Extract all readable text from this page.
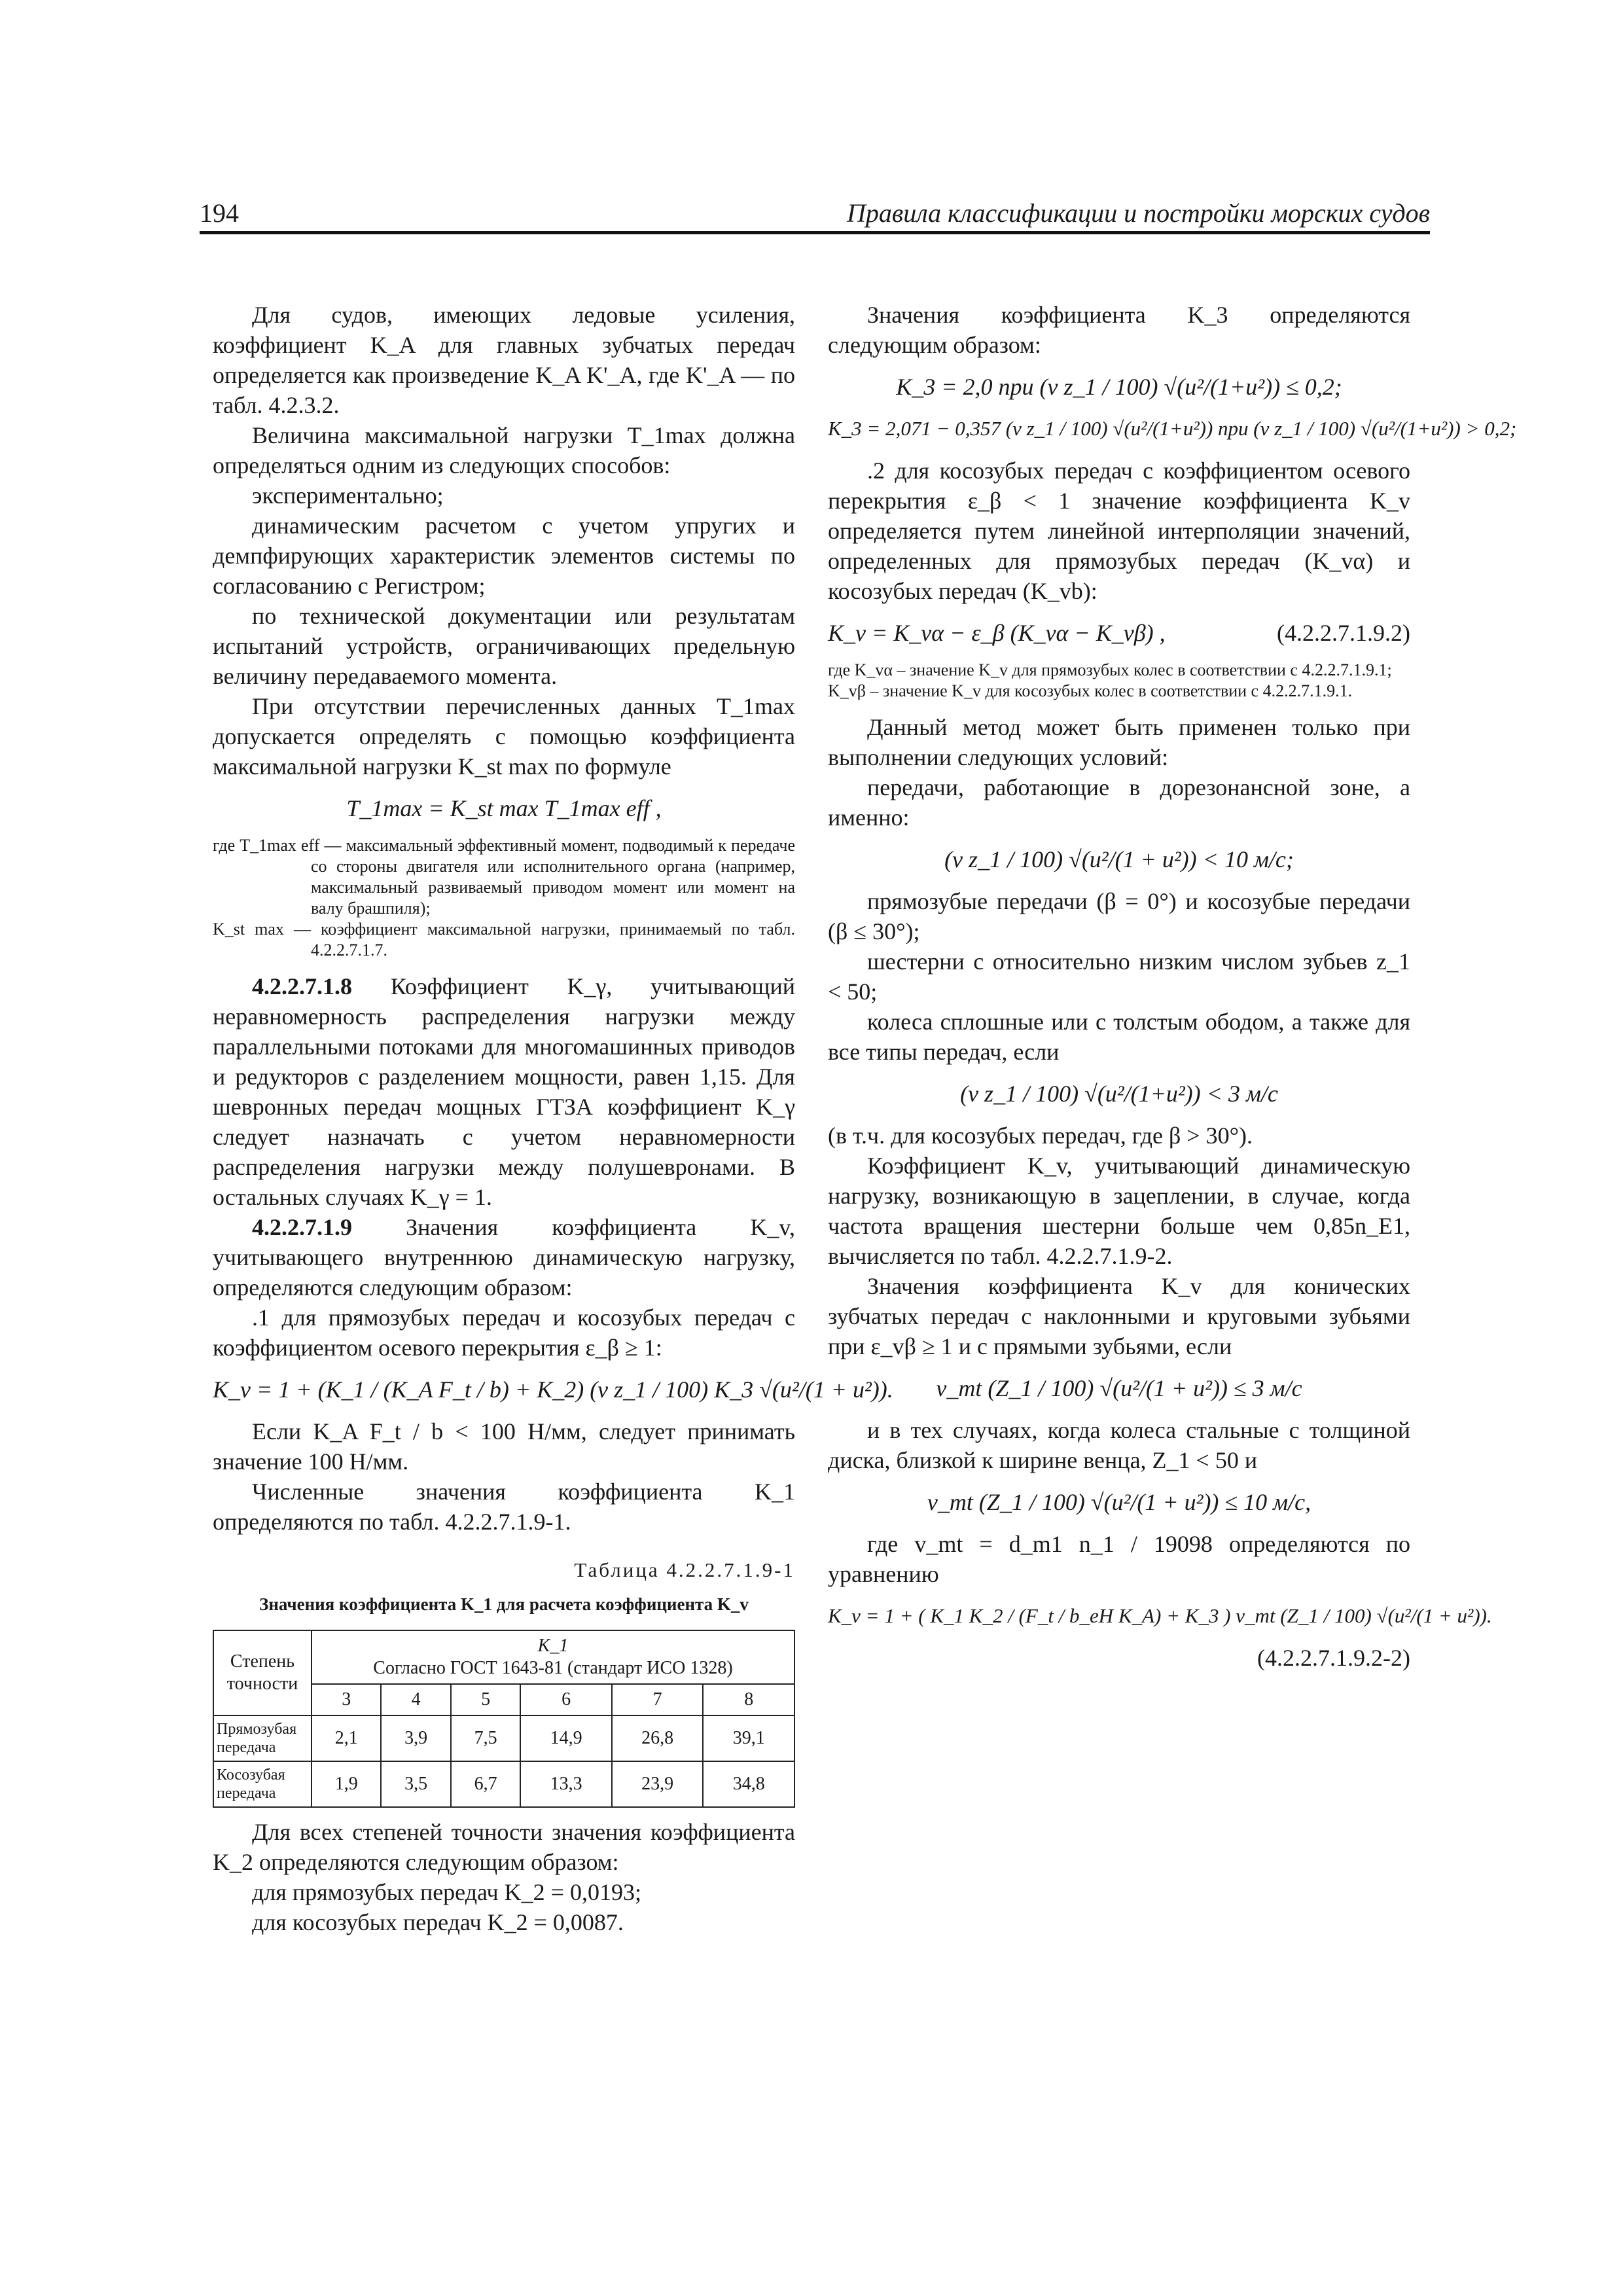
194	Правила классификации и постройки морских судов

Для судов, имеющих ледовые усиления, коэффициент K_A для главных зубчатых передач определяется как произведение K_A K'_A, где K'_A — по табл. 4.2.3.2.

Величина максимальной нагрузки T_1max должна определяться одним из следующих способов:

экспериментально;

динамическим расчетом с учетом упругих и демпфирующих характеристик элементов системы по согласованию с Регистром;

по технической документации или результатам испытаний устройств, ограничивающих предельную величину передаваемого момента.

При отсутствии перечисленных данных T_1max допускается определять с помощью коэффициента максимальной нагрузки K_st max по формуле

T_1max = K_st max T_1max eff ,
где T_1max eff — максимальный эффективный момент, подводимый к передаче со стороны двигателя или исполнительного органа (например, максимальный развиваемый приводом момент или момент на валу брашпиля);
K_st max — коэффициент максимальной нагрузки, принимаемый по табл. 4.2.2.7.1.7.

4.2.2.7.1.8 Коэффициент K_γ, учитывающий неравномерность распределения нагрузки между параллельными потоками для многомашинных приводов и редукторов с разделением мощности, равен 1,15. Для шевронных передач мощных ГТЗА коэффициент K_γ следует назначать с учетом неравномерности распределения нагрузки между полушевронами. В остальных случаях K_γ = 1.

4.2.2.7.1.9 Значения коэффициента K_v, учитывающего внутреннюю динамическую нагрузку, определяются следующим образом:

.1 для прямозубых передач и косозубых передач с коэффициентом осевого перекрытия ε_β ≥ 1:

K_v = 1 + (K_1 / (K_A F_t / b) + K_2) (v z_1 / 100) K_3 √(u²/(1 + u²)).

Если K_A F_t / b < 100 Н/мм, следует принимать значение 100 Н/мм.

Численные значения коэффициента K_1 определяются по табл. 4.2.2.7.1.9-1.

Таблица 4.2.2.7.1.9-1
Значения коэффициента K_1 для расчета коэффициента K_v
Степень точности	K_1
Согласно ГОСТ 1643-81 (стандарт ИСО 1328)					

	3	4	5	6	7	8
Прямозубая передача	2,1	3,9	7,5	14,9	26,8	39,1
Косозубая передача	1,9	3,5	6,7	13,3	23,9	34,8

Для всех степеней точности значения коэффициента K_2 определяются следующим образом:

для прямозубых передач K_2 = 0,0193;

для косозубых передач K_2 = 0,0087.

Значения коэффициента K_3 определяются следующим образом:

K_3 = 2,0 при (v z_1 / 100) √(u²/(1+u²)) ≤ 0,2;
K_3 = 2,071 − 0,357 (v z_1 / 100) √(u²/(1+u²)) при (v z_1 / 100) √(u²/(1+u²)) > 0,2;

.2 для косозубых передач с коэффициентом осевого перекрытия ε_β < 1 значение коэффициента K_v определяется путем линейной интерполяции значений, определенных для прямозубых передач (K_vα) и косозубых передач (K_vb):

K_v = K_vα − ε_β (K_vα − K_vβ) ,	(4.2.2.7.1.9.2)
где K_vα – значение K_v для прямозубых колес в соответствии с 4.2.2.7.1.9.1;
K_vβ – значение K_v для косозубых колес в соответствии с 4.2.2.7.1.9.1.

Данный метод может быть применен только при выполнении следующих условий:

передачи, работающие в дорезонансной зоне, а именно:

(v z_1 / 100) √(u²/(1 + u²)) < 10 м/с;

прямозубые передачи (β = 0°) и косозубые передачи (β ≤ 30°);

шестерни с относительно низким числом зубьев z_1 < 50;

колеса сплошные или с толстым ободом, а также для все типы передач, если

(v z_1 / 100) √(u²/(1+u²)) < 3 м/с

(в т.ч. для косозубых передач, где β > 30°).

Коэффициент K_v, учитывающий динамическую нагрузку, возникающую в зацеплении, в случае, когда частота вращения шестерни больше чем 0,85n_E1, вычисляется по табл. 4.2.2.7.1.9-2.

Значения коэффициента K_v для конических зубчатых передач с наклонными и круговыми зубьями при ε_vβ ≥ 1 и с прямыми зубьями, если

v_mt (Z_1 / 100) √(u²/(1 + u²)) ≤ 3 м/с

и в тех случаях, когда колеса стальные с толщиной диска, близкой к ширине венца, Z_1 < 50 и

v_mt (Z_1 / 100) √(u²/(1 + u²)) ≤ 10 м/с,

где v_mt = d_m1 n_1 / 19098 определяются по уравнению

K_v = 1 + ( K_1 K_2 / (F_t / b_eH K_A) + K_3 ) v_mt (Z_1 / 100) √(u²/(1 + u²)).
(4.2.2.7.1.9.2-2)
